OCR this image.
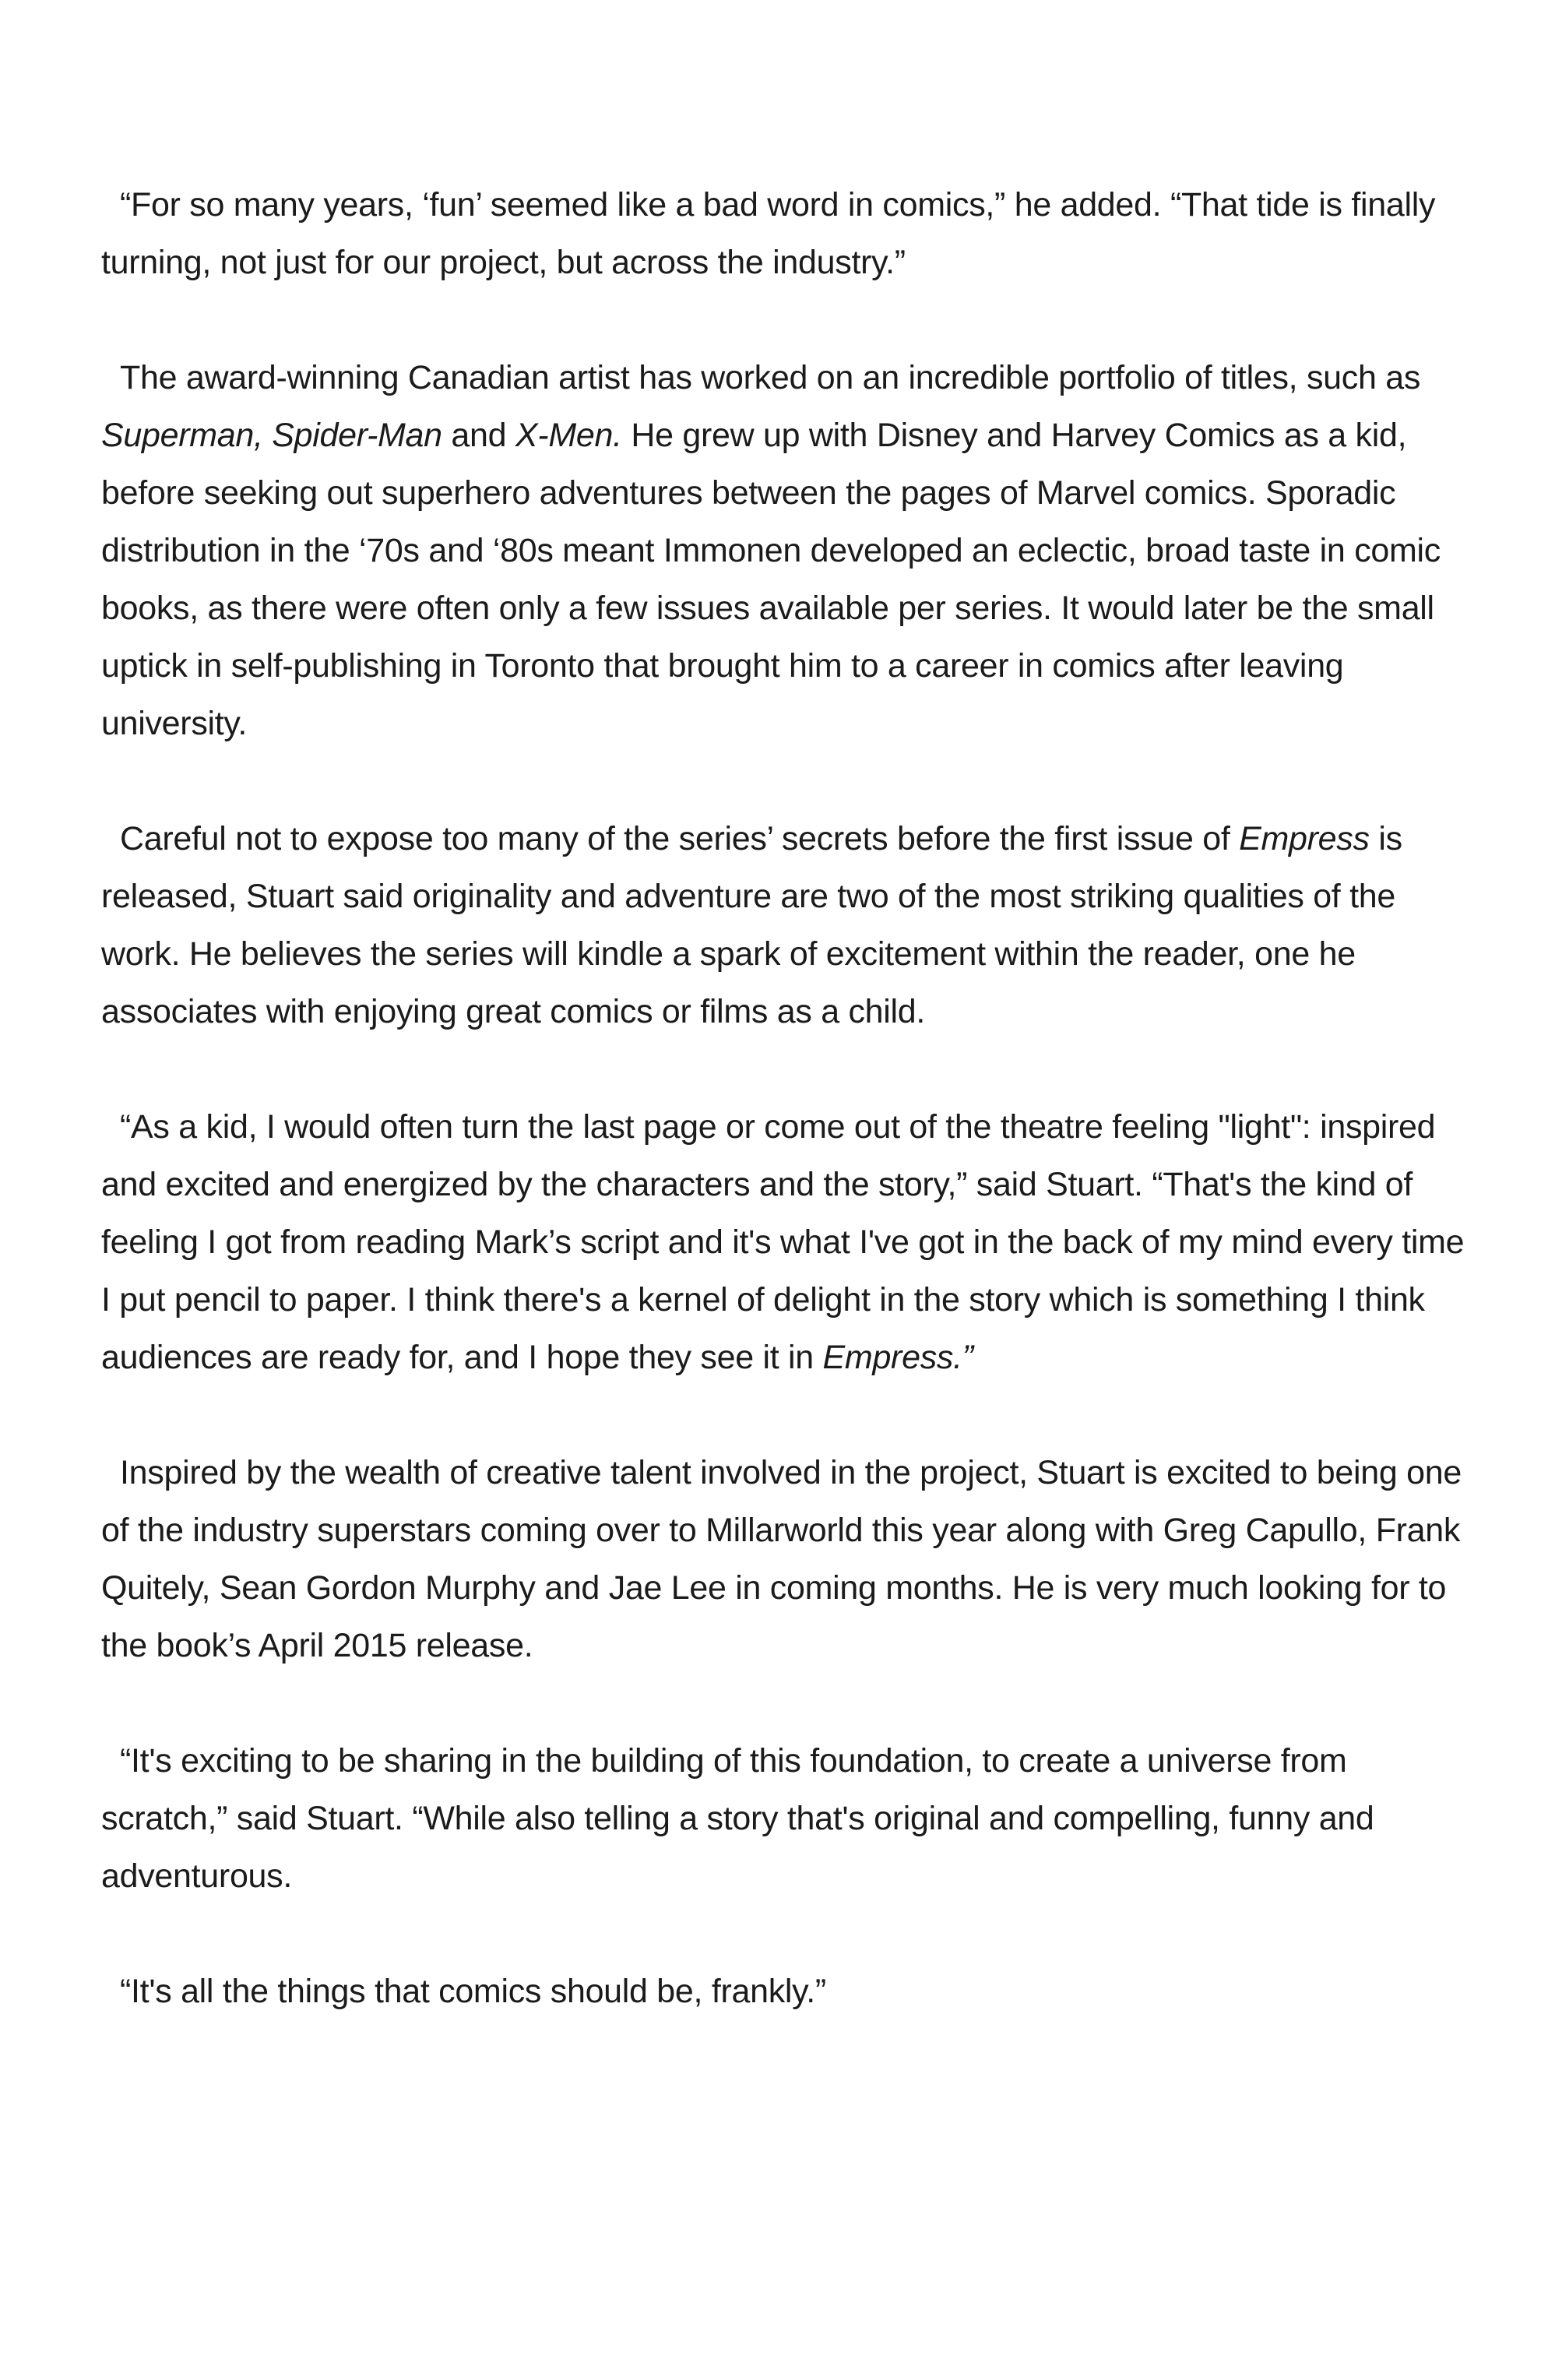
“For so many years, ‘fun’ seemed like a bad word in comics,” he added. “That tide is finally turning, not just for our project, but across the industry.”

The award-winning Canadian artist has worked on an incredible portfolio of titles, such as Superman, Spider-Man and X-Men. He grew up with Disney and Harvey Comics as a kid, before seeking out superhero adventures between the pages of Marvel comics. Sporadic distribution in the ‘70s and ‘80s meant Immonen developed an eclectic, broad taste in comic books, as there were often only a few issues available per series. It would later be the small uptick in self-publishing in Toronto that brought him to a career in comics after leaving university.

Careful not to expose too many of the series’ secrets before the first issue of Empress is released, Stuart said originality and adventure are two of the most striking qualities of the work. He believes the series will kindle a spark of excitement within the reader, one he associates with enjoying great comics or films as a child.

“As a kid, I would often turn the last page or come out of the theatre feeling "light": inspired and excited and energized by the characters and the story,” said Stuart. “That's the kind of feeling I got from reading Mark’s script and it's what I've got in the back of my mind every time I put pencil to paper. I think there's a kernel of delight in the story which is something I think audiences are ready for, and I hope they see it in Empress.”

Inspired by the wealth of creative talent involved in the project, Stuart is excited to being one of the industry superstars coming over to Millarworld this year along with Greg Capullo, Frank Quitely, Sean Gordon Murphy and Jae Lee in coming months. He is very much looking for to the book’s April 2015 release.

“It's exciting to be sharing in the building of this foundation, to create a universe from scratch,” said Stuart. “While also telling a story that's original and compelling, funny and adventurous.

“It's all the things that comics should be, frankly.”
